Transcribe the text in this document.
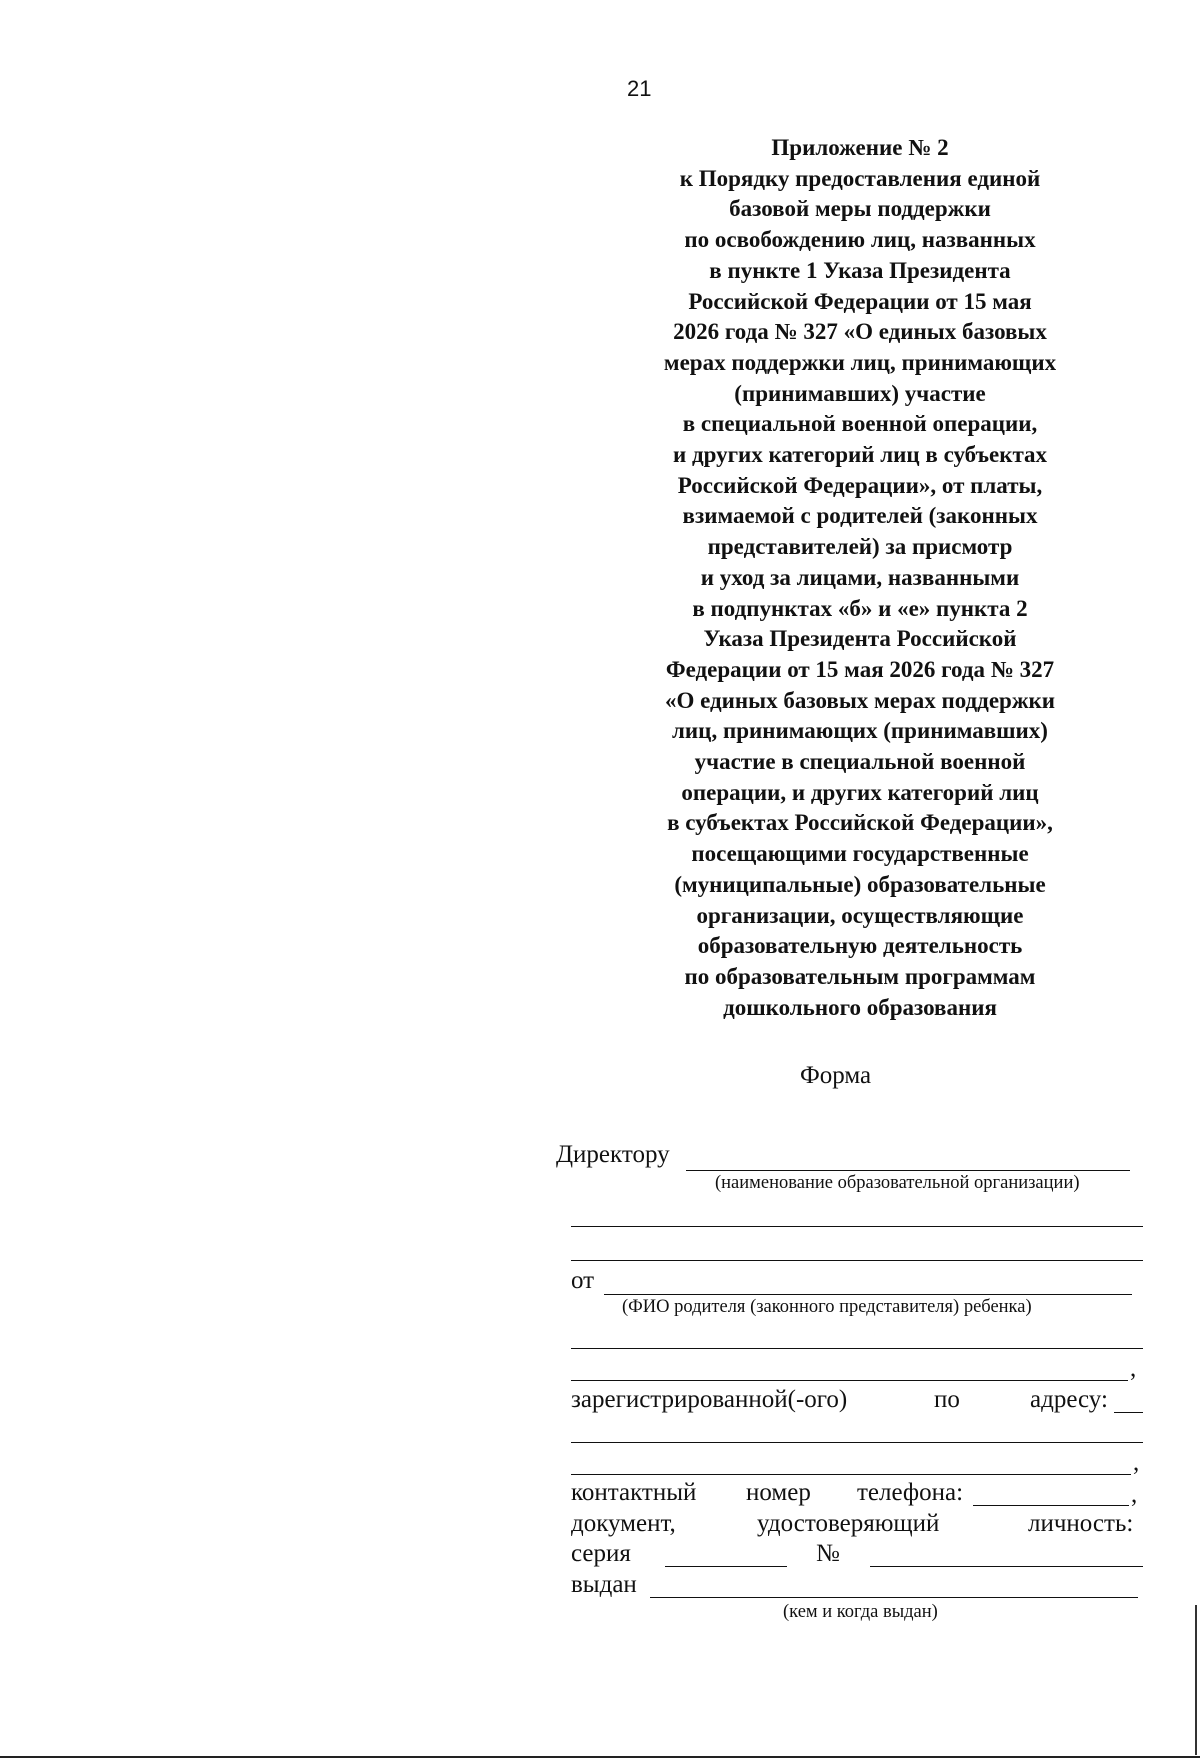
21
Приложение № 2
к Порядку предоставления единой
базовой меры поддержки
по освобождению лиц, названных
в пункте 1 Указа Президента
Российской Федерации от 15 мая
2026 года № 327 «О единых базовых
мерах поддержки лиц, принимающих
(принимавших) участие
в специальной военной операции,
и других категорий лиц в субъектах
Российской Федерации», от платы,
взимаемой с родителей (законных
представителей) за присмотр
и уход за лицами, названными
в подпунктах «б» и «е» пункта 2
Указа Президента Российской
Федерации от 15 мая 2026 года № 327
«О единых базовых мерах поддержки
лиц, принимающих (принимавших)
участие в специальной военной
операции, и других категорий лиц
в субъектах Российской Федерации»,
посещающими государственные
(муниципальные) образовательные
организации, осуществляющие
образовательную деятельность
по образовательным программам
дошкольного образования
Форма
Директору
(наименование образовательной организации)
от
(ФИО родителя (законного представителя) ребенка)
,
зарегистрированной(-ого)	по	адресу:
,
контактный номер телефона:	,
документ,	удостоверяющий	личность:
серия	№
выдан
(кем и когда выдан)
